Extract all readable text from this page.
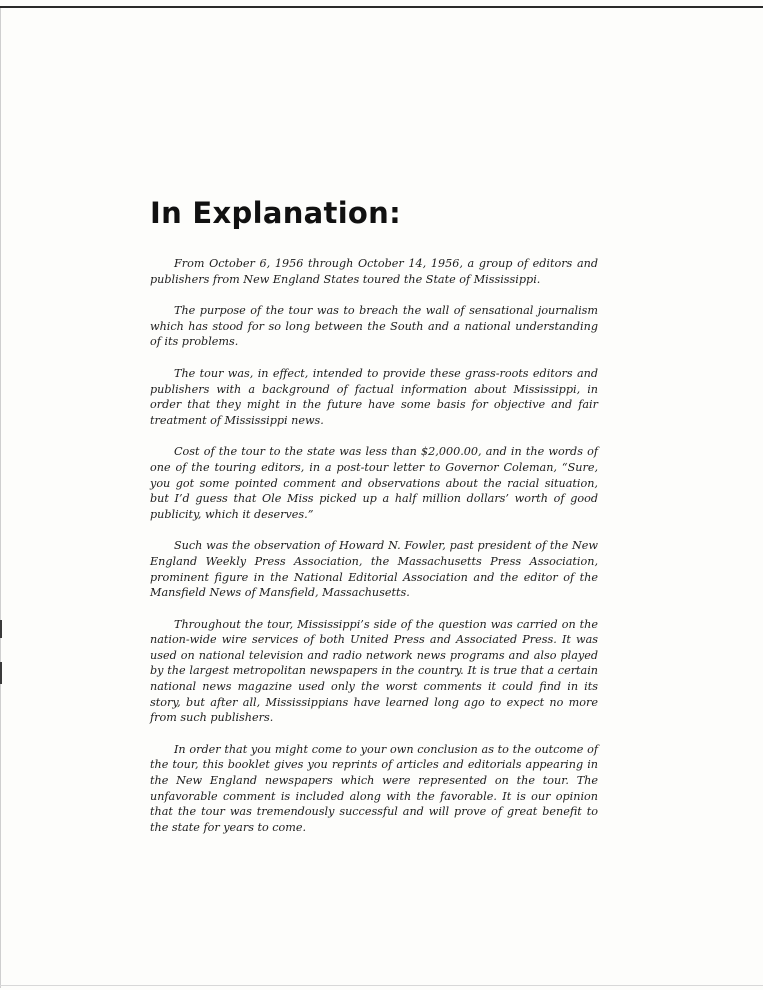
In Explanation:

From October 6, 1956 through October 14, 1956, a group of editors and publishers from New England States toured the State of Mississippi.

The purpose of the tour was to breach the wall of sensational journalism which has stood for so long between the South and a national understanding of its problems.

The tour was, in effect, intended to provide these grass-roots editors and publishers with a background of factual information about Mississippi, in order that they might in the future have some basis for objective and fair treatment of Mississippi news.

Cost of the tour to the state was less than $2,000.00, and in the words of one of the touring editors, in a post-tour letter to Governor Coleman, “Sure, you got some pointed comment and observations about the racial situation, but I’d guess that Ole Miss picked up a half million dollars’ worth of good publicity, which it deserves.”

Such was the observation of Howard N. Fowler, past president of the New England Weekly Press Association, the Massachusetts Press Association, prominent figure in the National Editorial Association and the editor of the Mansfield News of Mansfield, Massachusetts.

Throughout the tour, Mississippi’s side of the question was carried on the nation-wide wire services of both United Press and Associated Press. It was used on national television and radio network news programs and also played by the largest metropolitan newspapers in the country. It is true that a certain national news magazine used only the worst comments it could find in its story, but after all, Mississippians have learned long ago to expect no more from such publishers.

In order that you might come to your own conclusion as to the outcome of the tour, this booklet gives you reprints of articles and editorials appearing in the New England newspapers which were represented on the tour. The unfavorable comment is included along with the favorable. It is our opinion that the tour was tremendously successful and will prove of great benefit to the state for years to come.
